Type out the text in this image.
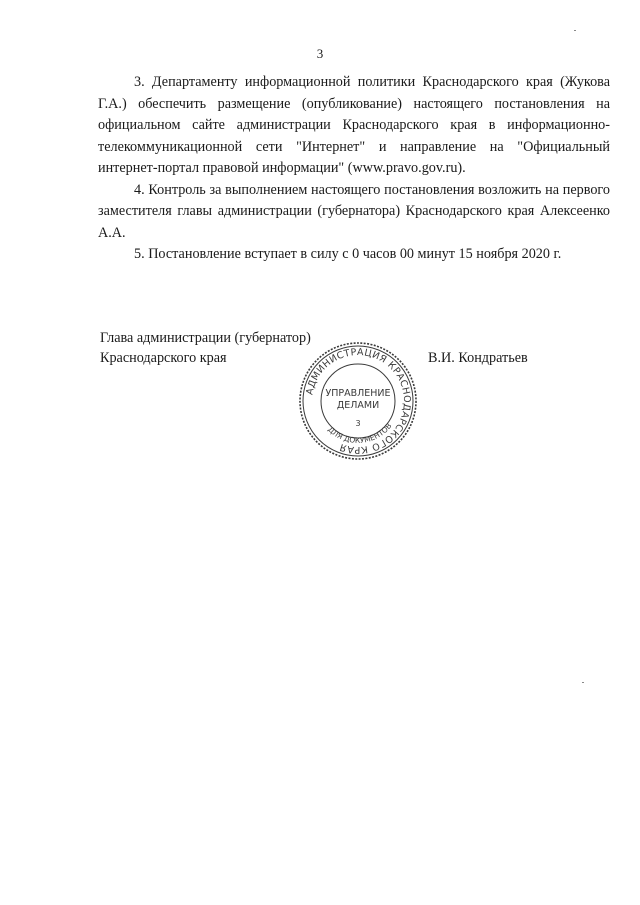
3

3. Департаменту информационной политики Краснодарского края (Жукова Г.А.) обеспечить размещение (опубликование) настоящего постановления на официальном сайте администрации Краснодарского края в информационно-телекоммуникационной сети "Интернет" и направление на "Официальный интернет-портал правовой информации" (www.pravo.gov.ru).

4. Контроль за выполнением настоящего постановления возложить на первого заместителя главы администрации (губернатора) Краснодарского края Алексеенко А.А.

5. Постановление вступает в силу с 0 часов 00 минут 15 ноября 2020 г.

Глава администрации (губернатор)
Краснодарского края	В.И. Кондратьев
АДМИНИСТРАЦИЯ КРАСНОДАРСКОГО КРАЯ
ДЛЯ ДОКУМЕНТОВ
УПРАВЛЕНИЕ
ДЕЛАМИ
3
